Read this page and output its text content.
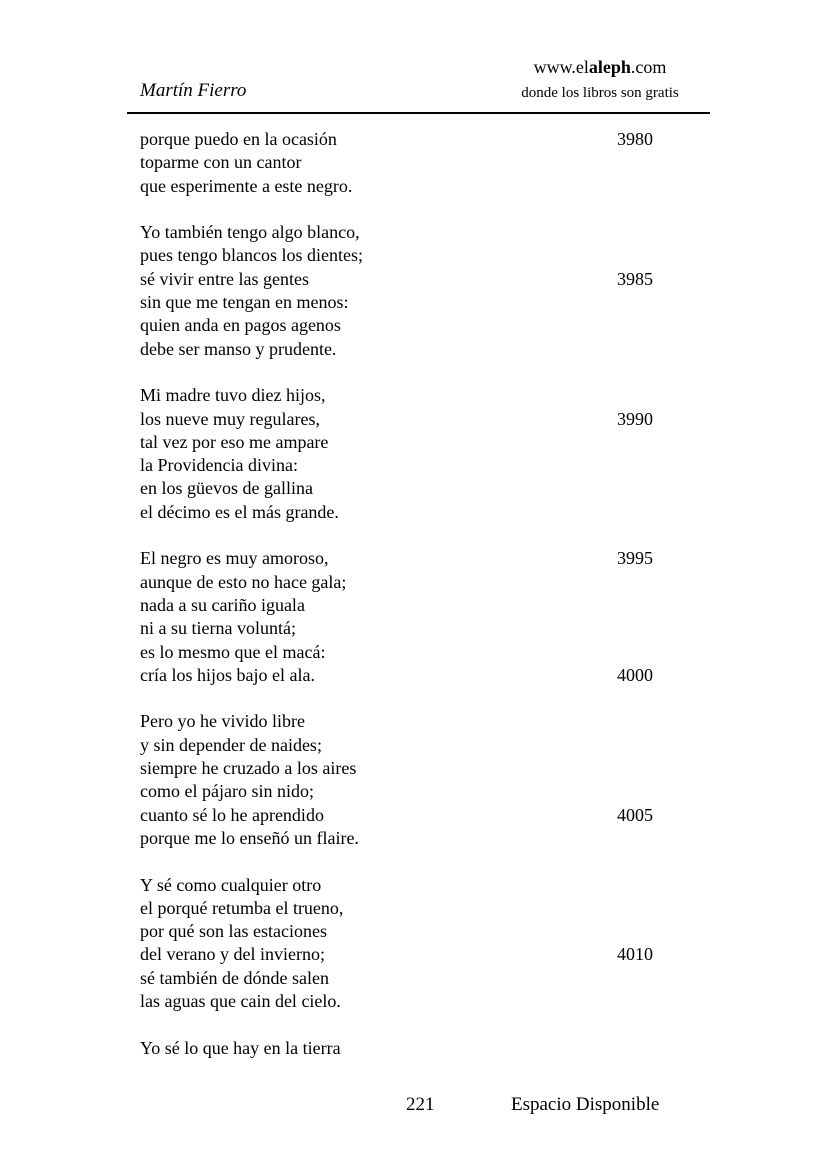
Martín Fierro
www.elaleph.com
donde los libros son gratis
porque puedo en la ocasión	3980
toparme con un cantor
que esperimente a este negro.
Yo también tengo algo blanco,
pues tengo blancos los dientes;
sé vivir entre las gentes	3985
sin que me tengan en menos:
quien anda en pagos agenos
debe ser manso y prudente.
Mi madre tuvo diez hijos,
los nueve muy regulares,	3990
tal vez por eso me ampare
la Providencia divina:
en los güevos de gallina
el décimo es el más grande.
El negro es muy amoroso,	3995
aunque de esto no hace gala;
nada a su cariño iguala
ni a su tierna voluntá;
es lo mesmo que el macá:
cría los hijos bajo el ala.	4000
Pero yo he vivido libre
y sin depender de naides;
siempre he cruzado a los aires
como el pájaro sin nido;
cuanto sé lo he aprendido	4005
porque me lo enseñó un flaire.
Y sé como cualquier otro
el porqué retumba el trueno,
por qué son las estaciones
del verano y del invierno;	4010
sé también de dónde salen
las aguas que cain del cielo.
Yo sé lo que hay en la tierra
221	Espacio Disponible
